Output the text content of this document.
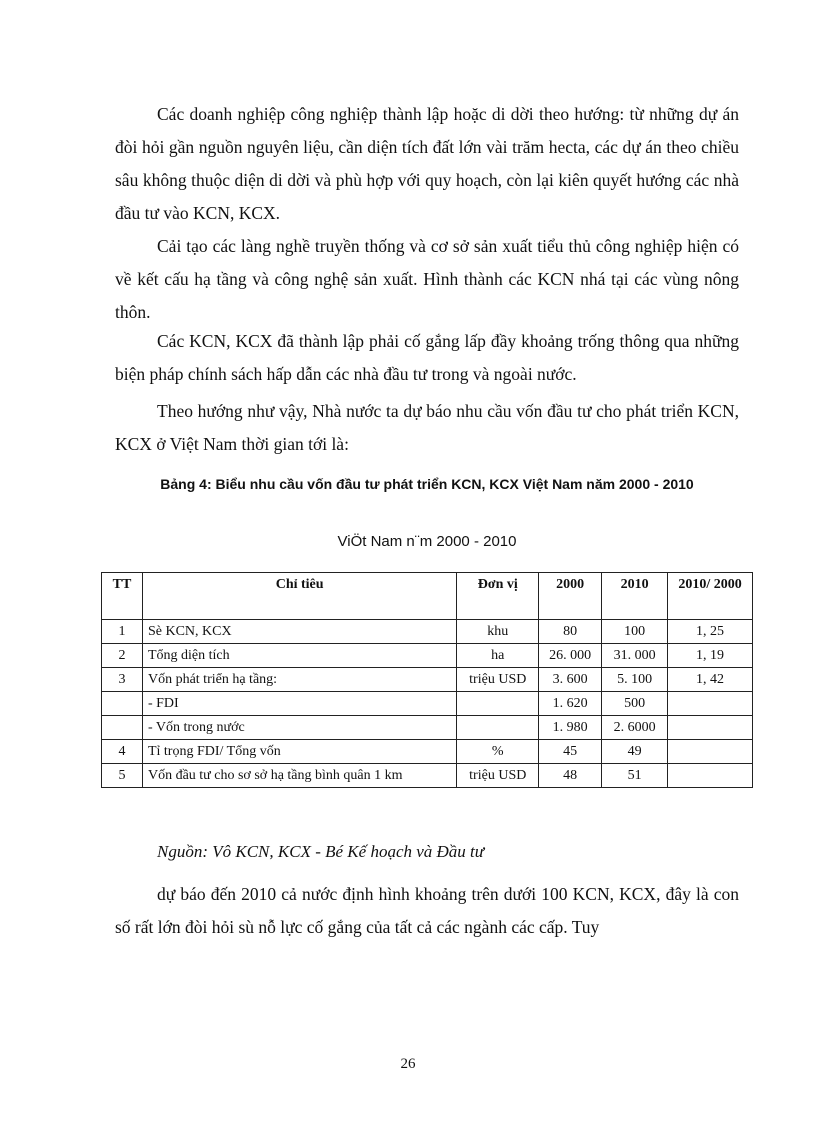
Các doanh nghiệp công nghiệp thành lập hoặc di dời theo hướng: từ những dự án đòi hỏi gần nguồn nguyên liệu, cần diện tích đất lớn vài trăm hecta, các dự án theo chiều sâu không thuộc diện di dời và phù hợp với quy hoạch, còn lại kiên quyết hướng các nhà đầu tư vào KCN, KCX.

Cải tạo các làng nghề truyền thống và cơ sở sản xuất tiểu thủ công nghiệp hiện có về kết cấu hạ tầng và công nghệ sản xuất. Hình thành các KCN nhá tại các vùng nông thôn.

Các KCN, KCX đã thành lập phải cố gắng lấp đầy khoảng trống thông qua những biện pháp chính sách hấp dẫn các nhà đầu tư trong và ngoài nước.

Theo hướng như vậy, Nhà nước ta dự báo nhu cầu vốn đầu tư cho phát triển KCN, KCX ở Việt Nam thời gian tới là:

Bảng 4: Biểu nhu cầu vốn đầu tư phát triển KCN, KCX Việt Nam năm 2000 - 2010

ViÖt Nam n¨m 2000 - 2010

TT	Chỉ tiêu	Đơn vị	2000	2010	2010/ 2000
1	Sè KCN, KCX	khu	80	100	1, 25
2	Tổng diện tích	ha	26. 000	31. 000	1, 19
3	Vốn phát triển hạ tầng:	triệu USD	3. 600	5. 100	1, 42
	- FDI		1. 620	500	
	- Vốn trong nước		1. 980	2. 6000	
4	Tỉ trọng FDI/ Tổng vốn	%	45	49	
5	Vốn đầu tư cho sơ sở hạ tầng bình quân 1 km	triệu USD	48	51	

Nguồn: Vô KCN, KCX - Bé Kế hoạch và Đầu tư

dự báo đến 2010 cả nước định hình khoảng trên dưới 100 KCN, KCX, đây là con số rất lớn đòi hỏi sù nỗ lực cố gắng của tất cả các ngành các cấp. Tuy

26
